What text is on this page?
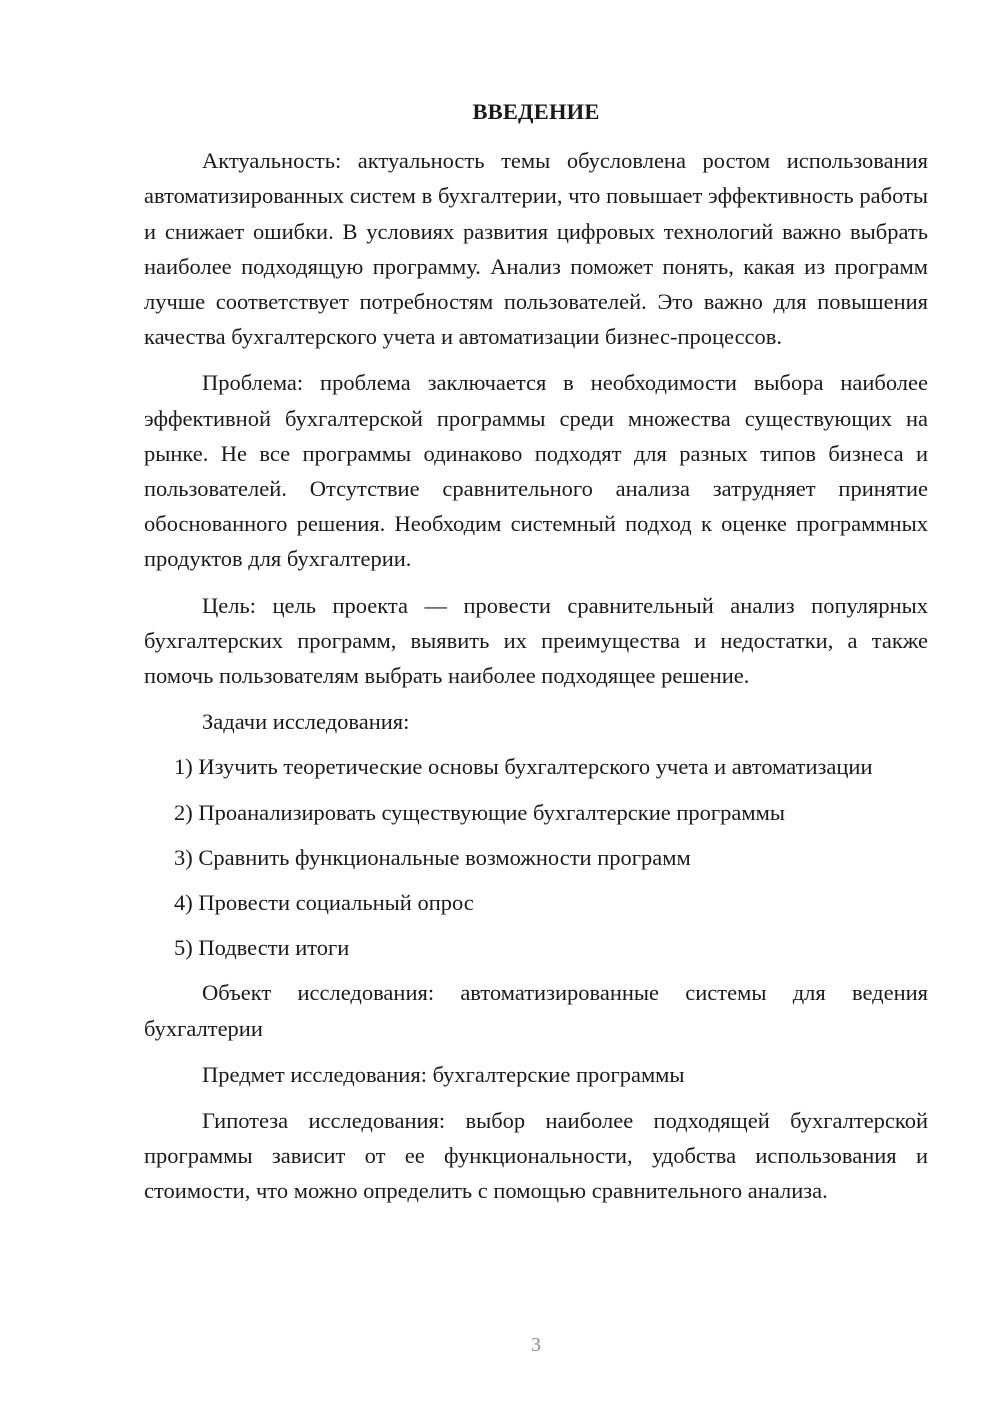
ВВЕДЕНИЕ

Актуальность: актуальность темы обусловлена ростом использования автоматизированных систем в бухгалтерии, что повышает эффективность работы и снижает ошибки. В условиях развития цифровых технологий важно выбрать наиболее подходящую программу. Анализ поможет понять, какая из программ лучше соответствует потребностям пользователей. Это важно для повышения качества бухгалтерского учета и автоматизации бизнес-процессов.

Проблема: проблема заключается в необходимости выбора наиболее эффективной бухгалтерской программы среди множества существующих на рынке. Не все программы одинаково подходят для разных типов бизнеса и пользователей. Отсутствие сравнительного анализа затрудняет принятие обоснованного решения. Необходим системный подход к оценке программных продуктов для бухгалтерии.

Цель: цель проекта — провести сравнительный анализ популярных бухгалтерских программ, выявить их преимущества и недостатки, а также помочь пользователям выбрать наиболее подходящее решение.

Задачи исследования:

1) Изучить теоретические основы бухгалтерского учета и автоматизации

2) Проанализировать существующие бухгалтерские программы

3) Сравнить функциональные возможности программ

4) Провести социальный опрос

5) Подвести итоги

Объект исследования: автоматизированные системы для ведения бухгалтерии

Предмет исследования: бухгалтерские программы

Гипотеза исследования: выбор наиболее подходящей бухгалтерской программы зависит от ее функциональности, удобства использования и стоимости, что можно определить с помощью сравнительного анализа.

3
